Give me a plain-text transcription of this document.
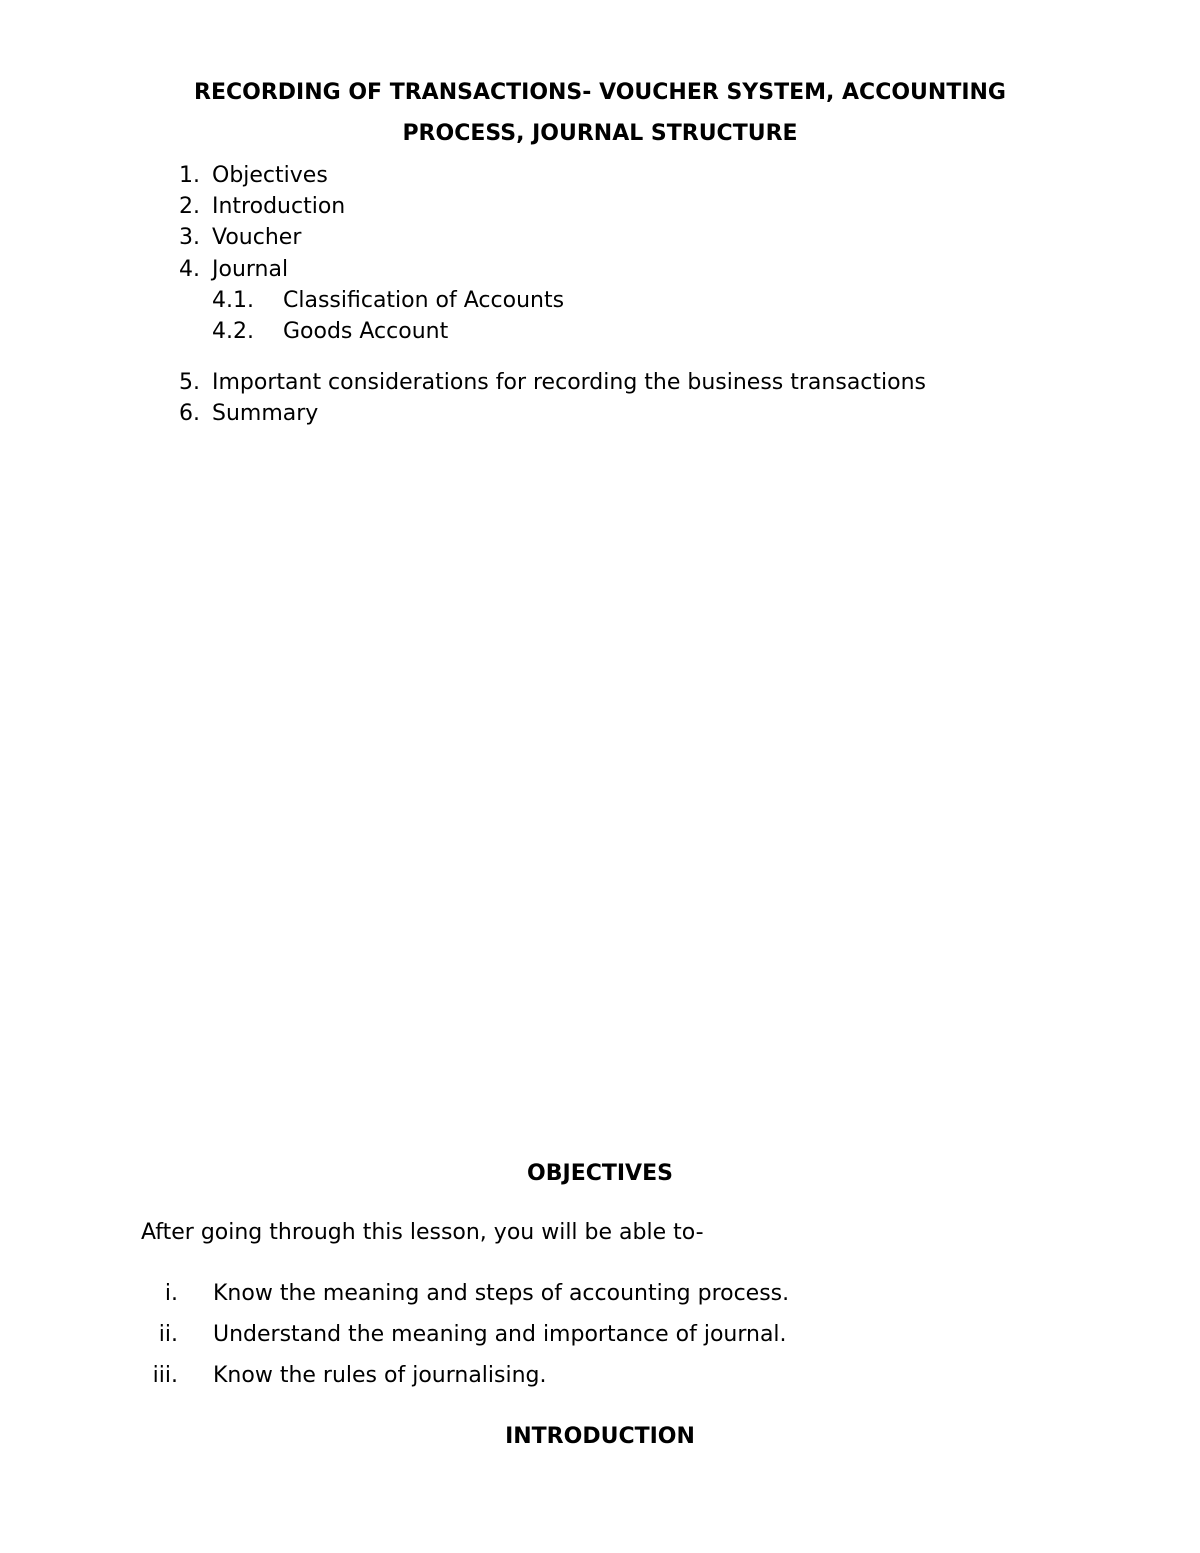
RECORDING OF TRANSACTIONS- VOUCHER SYSTEM, ACCOUNTING
PROCESS, JOURNAL STRUCTURE
1. Objectives
2. Introduction
3. Voucher
4. Journal
4.1.	Classification of Accounts
4.2.	Goods Account
5. Important considerations for recording the business transactions
6. Summary
OBJECTIVES

After going through this lesson, you will be able to-

i. Know the meaning and steps of accounting process.
ii. Understand the meaning and importance of journal.
iii. Know the rules of journalising.
INTRODUCTION
